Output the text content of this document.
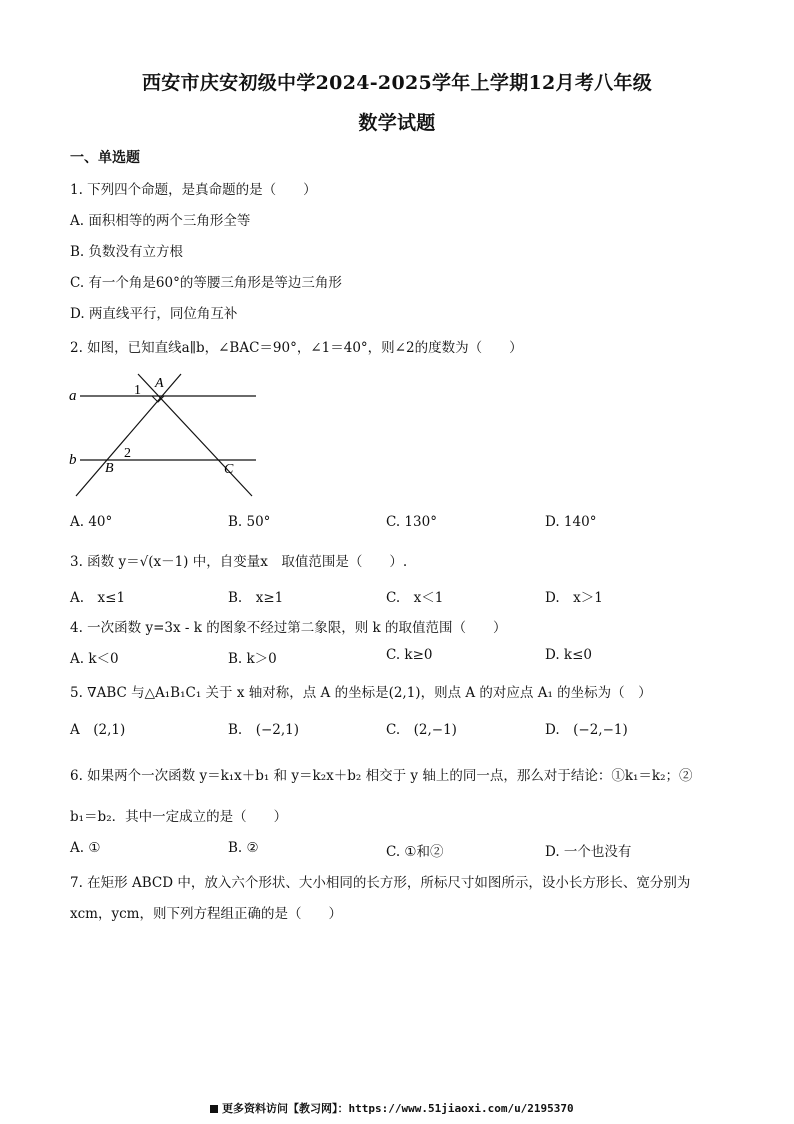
西安市庆安初级中学2024-2025学年上学期12月考八年级
数学试题
一、单选题
1. 下列四个命题，是真命题的是（　　）
A. 面积相等的两个三角形全等
B. 负数没有立方根
C. 有一个角是60°的等腰三角形是等边三角形
D. 两直线平行，同位角互补
2. 如图，已知直线a∥b，∠BAC＝90°，∠1＝40°，则∠2的度数为（　　）
a
b
A
B	C
1
2
A. 40°	B. 50°	C. 130°	D. 140°
3. 函数 y＝√(x－1) 中，自变量x　取值范围是（　　）.
A.　x≤1	B.　x≥1	C.　x＜1	D.　x＞1
4. 一次函数 y=3x - k 的图象不经过第二象限，则 k 的取值范围（　　）
A. k＜0	B. k＞0	C. k≥0	D. k≤0
5. ∇ABC 与△A₁B₁C₁ 关于 x 轴对称，点 A 的坐标是(2,1)，则点 A 的对应点 A₁ 的坐标为（　）
A　(2,1)	B.　(−2,1)	C.　(2,−1)	D.　(−2,−1)
6. 如果两个一次函数 y＝k₁x＋b₁ 和 y＝k₂x＋b₂ 相交于 y 轴上的同一点，那么对于结论：①k₁＝k₂；②
b₁＝b₂．其中一定成立的是（　　）
A. ①	B. ②	C. ①和②	D. 一个也没有
7. 在矩形 ABCD 中，放入六个形状、大小相同的长方形，所标尺寸如图所示，设小长方形长、宽分别为
xcm，ycm，则下列方程组正确的是（　　）
更多资料访问【教习网】：https://www.51jiaoxi.com/u/2195370
